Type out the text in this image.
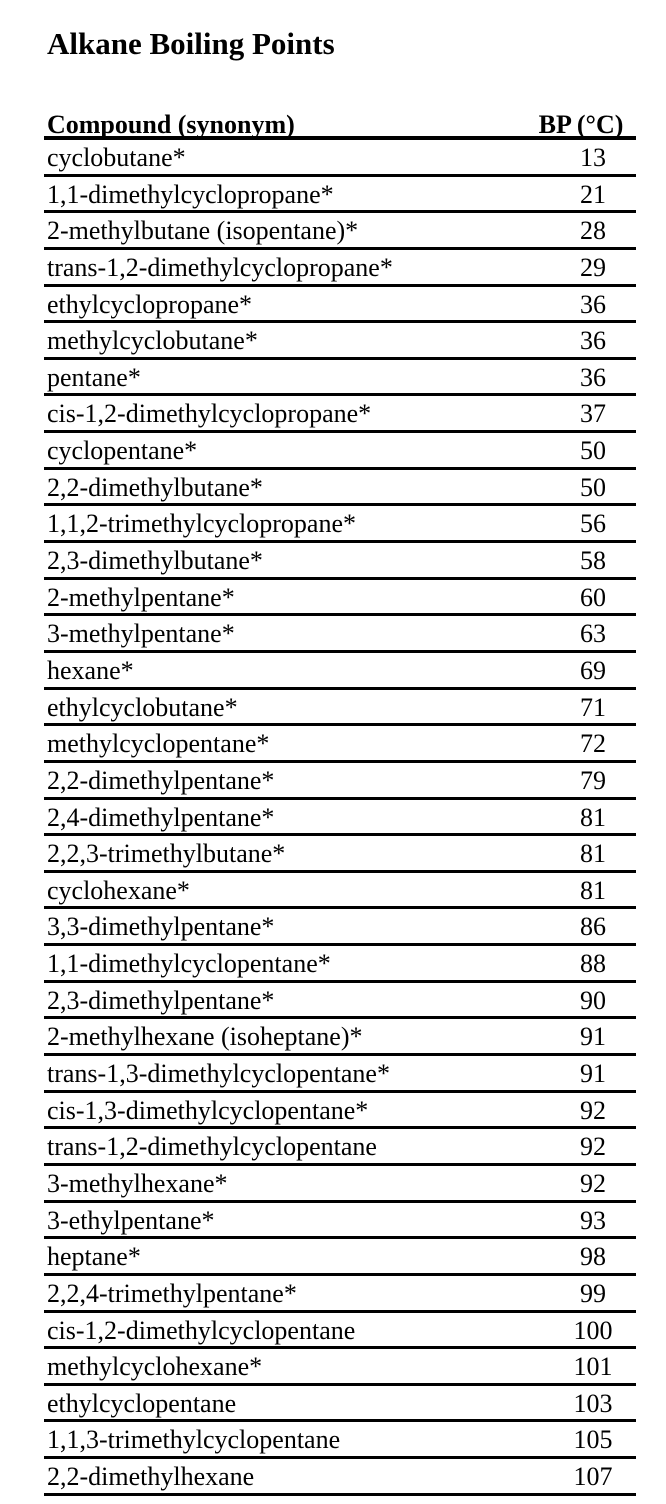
Alkane Boiling Points
Compound (synonym)	BP (°C)
cyclobutane*	13
1,1-dimethylcyclopropane*	21
2-methylbutane (isopentane)*	28
trans-1,2-dimethylcyclopropane*	29
ethylcyclopropane*	36
methylcyclobutane*	36
pentane*	36
cis-1,2-dimethylcyclopropane*	37
cyclopentane*	50
2,2-dimethylbutane*	50
1,1,2-trimethylcyclopropane*	56
2,3-dimethylbutane*	58
2-methylpentane*	60
3-methylpentane*	63
hexane*	69
ethylcyclobutane*	71
methylcyclopentane*	72
2,2-dimethylpentane*	79
2,4-dimethylpentane*	81
2,2,3-trimethylbutane*	81
cyclohexane*	81
3,3-dimethylpentane*	86
1,1-dimethylcyclopentane*	88
2,3-dimethylpentane*	90
2-methylhexane (isoheptane)*	91
trans-1,3-dimethylcyclopentane*	91
cis-1,3-dimethylcyclopentane*	92
trans-1,2-dimethylcyclopentane	92
3-methylhexane*	92
3-ethylpentane*	93
heptane*	98
2,2,4-trimethylpentane*	99
cis-1,2-dimethylcyclopentane	100
methylcyclohexane*	101
ethylcyclopentane	103
1,1,3-trimethylcyclopentane	105
2,2-dimethylhexane	107
